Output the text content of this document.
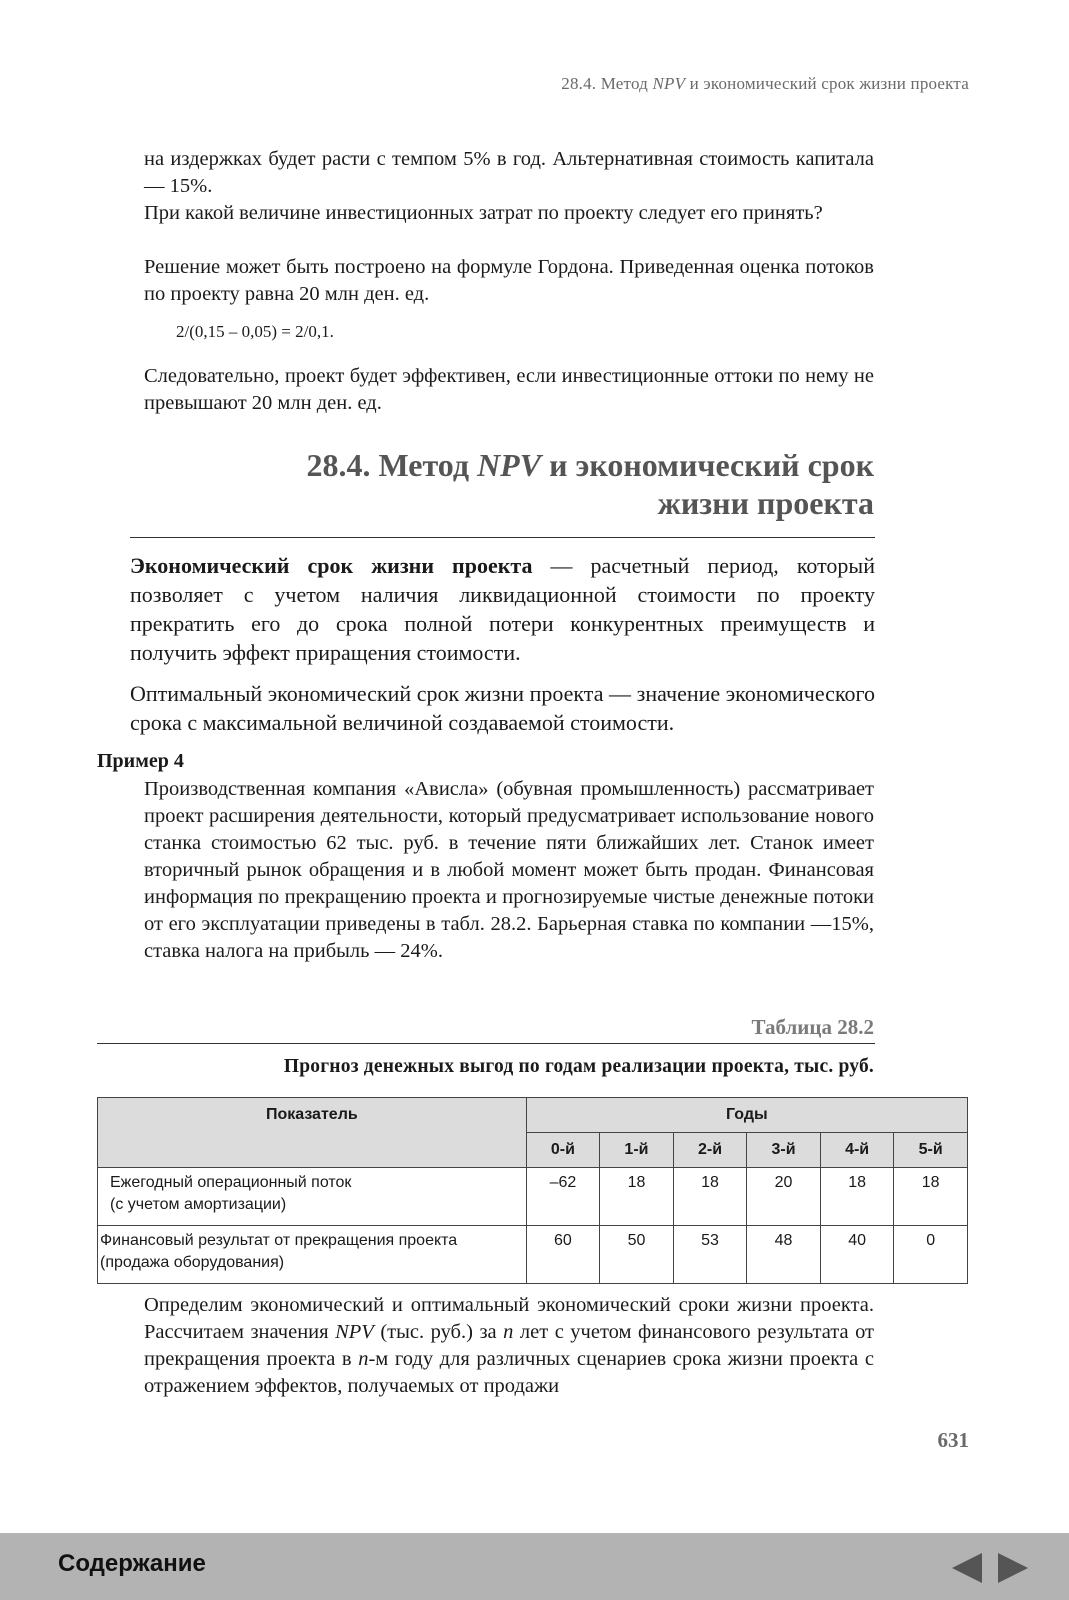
28.4. Метод NPV и экономический срок жизни проекта
на издержках будет расти с темпом 5% в год. Альтернативная стоимость капитала — 15%.
При какой величине инвестиционных затрат по проекту следует его принять?
Решение может быть построено на формуле Гордона. Приведенная оценка потоков по проекту равна 20 млн ден. ед.
2/(0,15 – 0,05) = 2/0,1.
Следовательно, проект будет эффективен, если инвестиционные оттоки по нему не превышают 20 млн ден. ед.
28.4. Метод NPV и экономический срок жизни проекта
Экономический срок жизни проекта — расчетный период, который позволяет с учетом наличия ликвидационной стоимости по проекту прекратить его до срока полной потери конкурентных преимуществ и получить эффект приращения стоимости.
Оптимальный экономический срок жизни проекта — значение экономического срока с максимальной величиной создаваемой стоимости.
Пример 4
Производственная компания «Авислa» (обувная промышленность) рассматривает проект расширения деятельности, который предусматривает использование нового станка стоимостью 62 тыс. руб. в течение пяти ближайших лет. Станок имеет вторичный рынок обращения и в любой момент может быть продан. Финансовая информация по прекращению проекта и прогнозируемые чистые денежные потоки от его эксплуатации приведены в табл. 28.2. Барьерная ставка по компании —15%, ставка налога на прибыль — 24%.
Таблица 28.2
Прогноз денежных выгод по годам реализации проекта, тыс. руб.
Показатель	Годы					
	0-й	1-й	2-й	3-й	4-й	5-й
Ежегодный операционный поток
(с учетом амортизации)	–62	18	18	20	18	18
Финансовый результат от прекращения проекта
(продажа оборудования)	60	50	53	48	40	0
Определим экономический и оптимальный экономический сроки жизни проекта. Рассчитаем значения NPV (тыс. руб.) за n лет с учетом финансового результата от прекращения проекта в n-м году для различных сценариев срока жизни проекта с отражением эффектов, получаемых от продажи
631
Содержание
